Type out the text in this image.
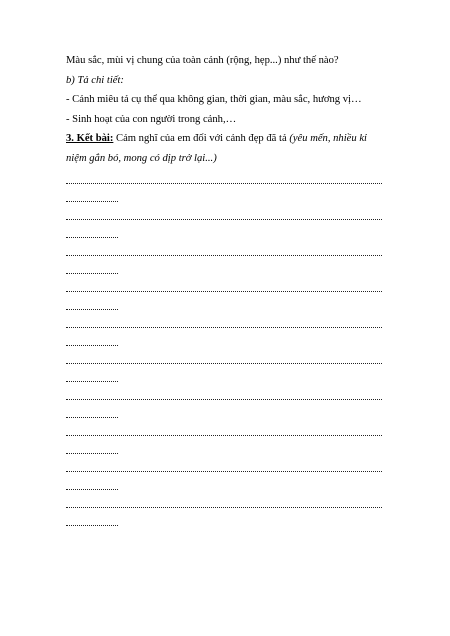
Màu sắc, mùi vị chung của toàn cảnh (rộng, hẹp...) như thế nào?

b) Tả chi tiết:

- Cảnh miêu tả cụ thể qua không gian, thời gian, màu sắc, hương vị…

- Sinh hoạt của con người trong cảnh,…

3. Kết bài: Cảm nghĩ của em đối với cảnh đẹp đã tả (yêu mến, nhiều kỉ

niệm gắn bó, mong có dịp trở lại...)
